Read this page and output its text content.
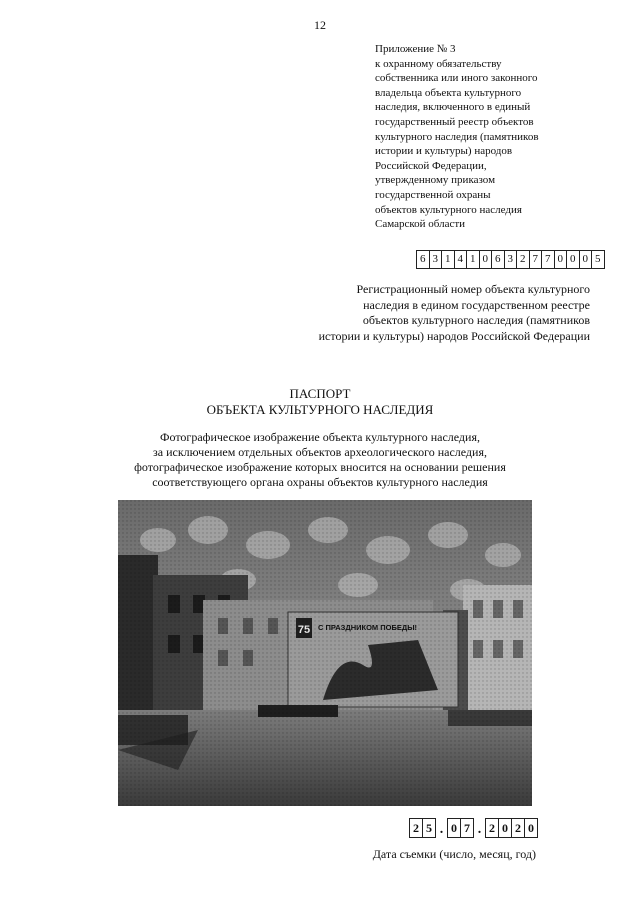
12
Приложение № 3
к охранному обязательству
собственника или иного законного
владельца объекта культурного
наследия, включенного в единый
государственный реестр объектов
культурного наследия (памятников
истории и культуры) народов
Российской Федерации,
утвержденному приказом
государственной охраны
объектов культурного наследия
Самарской области
6 3 1 4 1 0 6 3 2 7 7 0 0 0 5
Регистрационный номер объекта культурного
наследия в едином государственном реестре
объектов культурного наследия (памятников
истории и культуры) народов Российской Федерации
ПАСПОРТ
ОБЪЕКТА КУЛЬТУРНОГО НАСЛЕДИЯ
Фотографическое изображение объекта культурного наследия,
за исключением отдельных объектов археологического наследия,
фотографическое изображение которых вносится на основании решения
соответствующего органа охраны объектов культурного наследия
2 5 . 0 7 . 2 0 2 0
Дата съемки (число, месяц, год)
